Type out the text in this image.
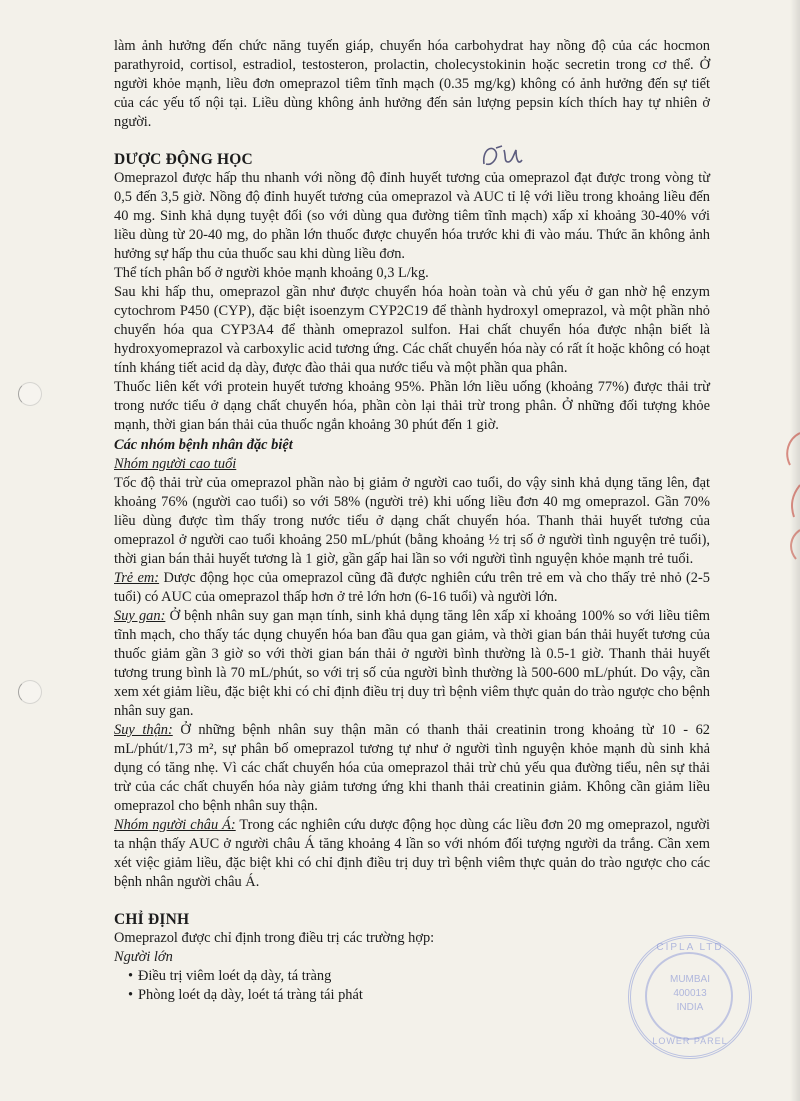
CIPLA LTD
MUMBAI
400013
INDIA
LOWER PAREL

làm ảnh hưởng đến chức năng tuyến giáp, chuyển hóa carbohydrat hay nồng độ của các hocmon parathyroid, cortisol, estradiol, testosteron, prolactin, cholecystokinin hoặc secretin trong cơ thể. Ở người khỏe mạnh, liều đơn omeprazol tiêm tĩnh mạch (0.35 mg/kg) không có ảnh hưởng đến sự tiết của các yếu tố nội tại. Liều dùng không ảnh hưởng đến sản lượng pepsin kích thích hay tự nhiên ở người.

DƯỢC ĐỘNG HỌC

Omeprazol được hấp thu nhanh với nồng độ đỉnh huyết tương của omeprazol đạt được trong vòng từ 0,5 đến 3,5 giờ. Nồng độ đỉnh huyết tương của omeprazol và AUC tỉ lệ với liều trong khoảng liều đến 40 mg. Sinh khả dụng tuyệt đối (so với dùng qua đường tiêm tĩnh mạch) xấp xỉ khoảng 30-40% với liều dùng từ 20-40 mg, do phần lớn thuốc được chuyển hóa trước khi đi vào máu. Thức ăn không ảnh hưởng sự hấp thu của thuốc sau khi dùng liều đơn.

Thể tích phân bố ở người khỏe mạnh khoảng 0,3 L/kg.

Sau khi hấp thu, omeprazol gần như được chuyển hóa hoàn toàn và chủ yếu ở gan nhờ hệ enzym cytochrom P450 (CYP), đặc biệt isoenzym CYP2C19 để thành hydroxyl omeprazol, và một phần nhỏ chuyển hóa qua CYP3A4 để thành omeprazol sulfon. Hai chất chuyển hóa được nhận biết là hydroxyomeprazol và carboxylic acid tương ứng. Các chất chuyển hóa này có rất ít hoặc không có hoạt tính kháng tiết acid dạ dày, được đào thải qua nước tiểu và một phần qua phân.

Thuốc liên kết với protein huyết tương khoảng 95%. Phần lớn liều uống (khoảng 77%) được thải trừ trong nước tiểu ở dạng chất chuyển hóa, phần còn lại thải trừ trong phân. Ở những đối tượng khỏe mạnh, thời gian bán thải của thuốc ngắn khoảng 30 phút đến 1 giờ.

Các nhóm bệnh nhân đặc biệt

Nhóm người cao tuổi

Tốc độ thải trừ của omeprazol phần nào bị giảm ở người cao tuổi, do vậy sinh khả dụng tăng lên, đạt khoảng 76% (người cao tuổi) so với 58% (người trẻ) khi uống liều đơn 40 mg omeprazol. Gần 70% liều dùng được tìm thấy trong nước tiểu ở dạng chất chuyển hóa. Thanh thải huyết tương của omeprazol ở người cao tuổi khoảng 250 mL/phút (bằng khoảng ½ trị số ở người tình nguyện trẻ tuổi), thời gian bán thải huyết tương là 1 giờ, gần gấp hai lần so với người tình nguyện khỏe mạnh trẻ tuổi.

Trẻ em: Dược động học của omeprazol cũng đã được nghiên cứu trên trẻ em và cho thấy trẻ nhỏ (2-5 tuổi) có AUC của omeprazol thấp hơn ở trẻ lớn hơn (6-16 tuổi) và người lớn.

Suy gan: Ở bệnh nhân suy gan mạn tính, sinh khả dụng tăng lên xấp xỉ khoảng 100% so với liều tiêm tĩnh mạch, cho thấy tác dụng chuyển hóa ban đầu qua gan giảm, và thời gian bán thải huyết tương của thuốc giảm gần 3 giờ so với thời gian bán thải ở người bình thường là 0.5-1 giờ. Thanh thải huyết tương trung bình là 70 mL/phút, so với trị số của người bình thường là 500-600 mL/phút. Do vậy, cần xem xét giảm liều, đặc biệt khi có chỉ định điều trị duy trì bệnh viêm thực quản do trào ngược cho bệnh nhân suy gan.

Suy thận: Ở những bệnh nhân suy thận mãn có thanh thải creatinin trong khoảng từ 10 - 62 mL/phút/1,73 m², sự phân bố omeprazol tương tự như ở người tình nguyện khỏe mạnh dù sinh khả dụng có tăng nhẹ. Vì các chất chuyển hóa của omeprazol thải trừ chủ yếu qua đường tiểu, nên sự thải trừ của các chất chuyển hóa này giảm tương ứng khi thanh thải creatinin giảm. Không cần giảm liều omeprazol cho bệnh nhân suy thận.

Nhóm người châu Á: Trong các nghiên cứu dược động học dùng các liều đơn 20 mg omeprazol, người ta nhận thấy AUC ở người châu Á tăng khoảng 4 lần so với nhóm đối tượng người da trắng. Cần xem xét việc giảm liều, đặc biệt khi có chỉ định điều trị duy trì bệnh viêm thực quản do trào ngược cho các bệnh nhân người châu Á.

CHỈ ĐỊNH

Omeprazol được chỉ định trong điều trị các trường hợp:

Người lớn

• Điều trị viêm loét dạ dày, tá tràng
• Phòng loét dạ dày, loét tá tràng tái phát
